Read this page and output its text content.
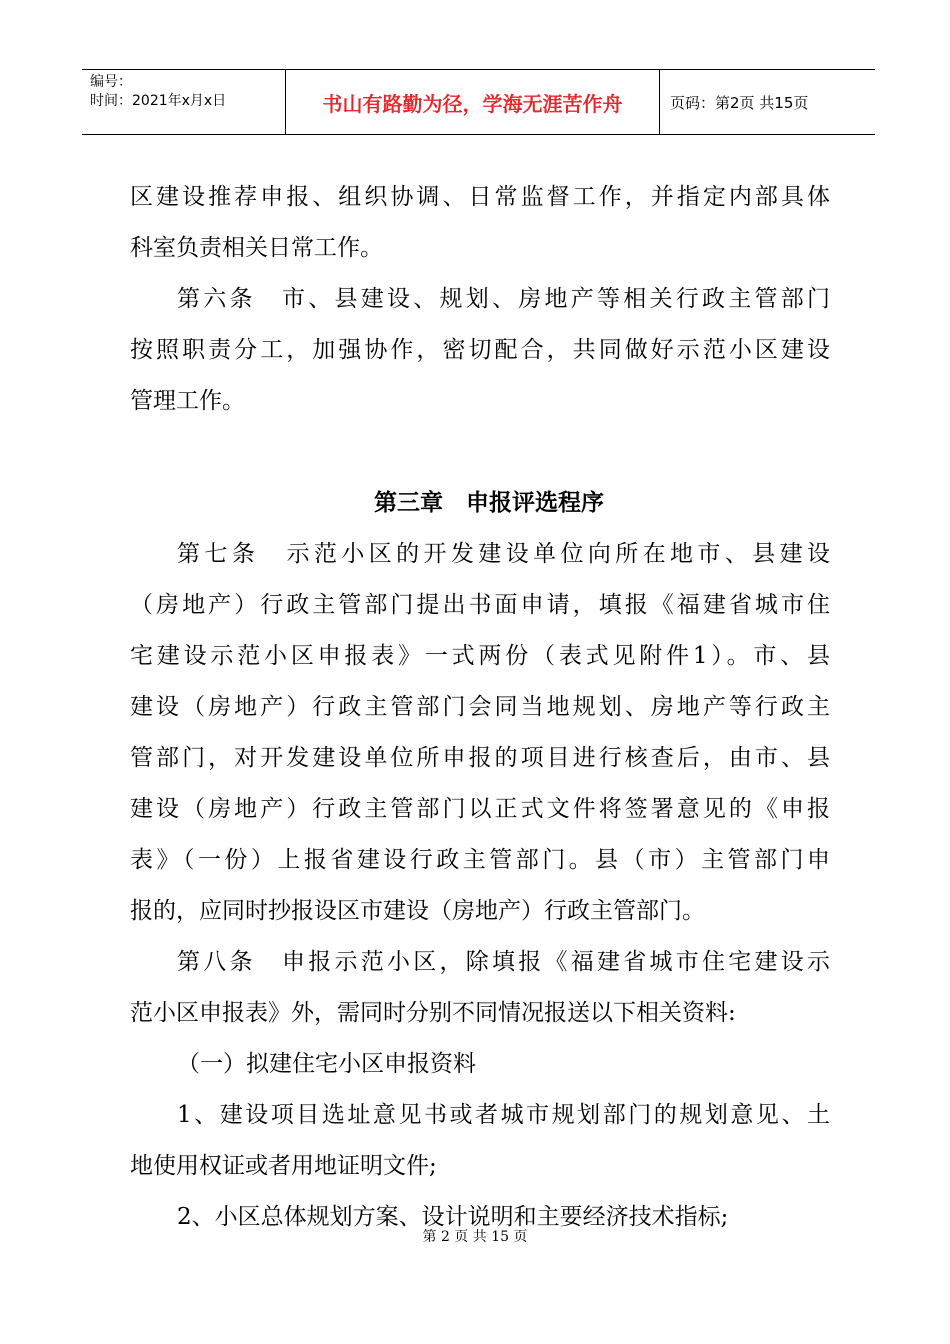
编号：
时间：2021年x月x日	书山有路勤为径，学海无涯苦作舟	页码：第2页 共15页
区建设推荐申报、组织协调、日常监督工作，并指定内部具体
科室负责相关日常工作。
第六条　市、县建设、规划、房地产等相关行政主管部门
按照职责分工，加强协作，密切配合，共同做好示范小区建设
管理工作。
第三章　申报评选程序
第七条　示范小区的开发建设单位向所在地市、县建设
（房地产）行政主管部门提出书面申请，填报《福建省城市住
宅建设示范小区申报表》一式两份（表式见附件1）。市、县
建设（房地产）行政主管部门会同当地规划、房地产等行政主
管部门，对开发建设单位所申报的项目进行核查后，由市、县
建设（房地产）行政主管部门以正式文件将签署意见的《申报
表》（一份）上报省建设行政主管部门。县（市）主管部门申
报的，应同时抄报设区市建设（房地产）行政主管部门。
第八条　申报示范小区，除填报《福建省城市住宅建设示
范小区申报表》外，需同时分别不同情况报送以下相关资料:
（一）拟建住宅小区申报资料
1、建设项目选址意见书或者城市规划部门的规划意见、土
地使用权证或者用地证明文件;
2、小区总体规划方案、设计说明和主要经济技术指标;
第 2 页 共 15 页
